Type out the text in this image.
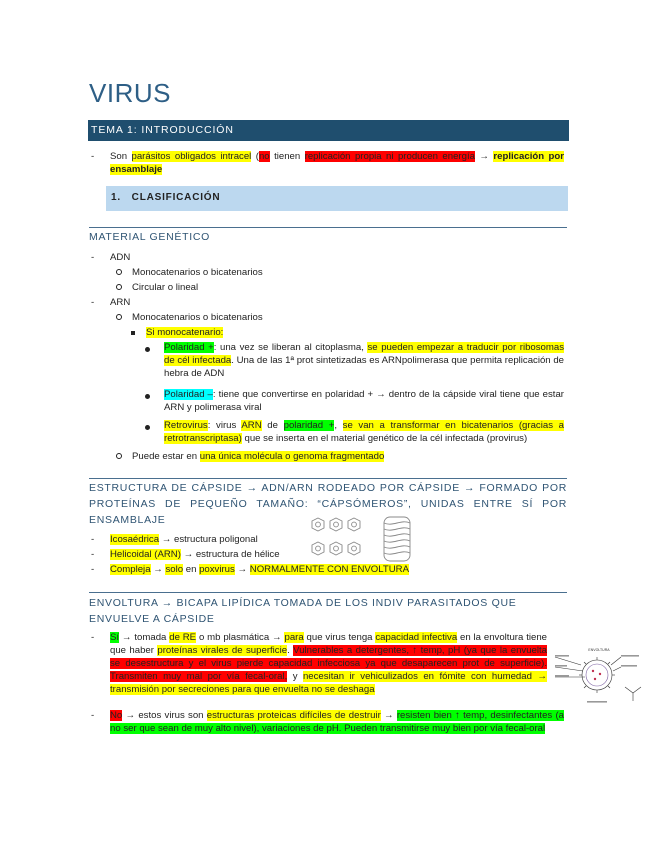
VIRUS
TEMA 1: INTRODUCCIÓN
- Son parásitos obligados intracel (no tienen replicación propia ni producen energía → replicación por ensamblaje
1.   CLASIFICACIÓN
MATERIAL GENÉTICO
- ADN
Monocatenarios o bicatenarios
Circular o lineal
- ARN
Monocatenarios o bicatenarios
Si monocatenario:
Polaridad +: una vez se liberan al citoplasma, se pueden empezar a traducir por ribosomas de cél infectada. Una de las 1ª prot sintetizadas es ARNpolimerasa que permita replicación de hebra de ADN
Polaridad –: tiene que convertirse en polaridad + → dentro de la cápside viral tiene que estar ARN y polimerasa viral
Retrovirus: virus ARN de polaridad +, se van a transformar en bicatenarios (gracias a retrotranscriptasa) que se inserta en el material genético de la cél infectada (provirus)
Puede estar en una única molécula o genoma fragmentado
ESTRUCTURA DE CÁPSIDE → ADN/ARN RODEADO POR CÁPSIDE → FORMADO POR PROTEÍNAS DE PEQUEÑO TAMAÑO: “CÁPSÓMEROS”, UNIDAS ENTRE SÍ POR ENSAMBLAJE
- Icosaédrica → estructura poligonal
- Helicoidal (ARN) → estructura de hélice
- Compleja → solo en poxvirus → NORMALMENTE CON ENVOLTURA
ENVOLTURA → BICAPA LIPÍDICA TOMADA DE LOS INDIV PARASITADOS QUE ENVUELVE A CÁPSIDE
- Sí → tomada de RE o mb plasmática → para que virus tenga capacidad infectiva en la envoltura tiene que haber proteínas virales de superficie. Vulnerables a detergentes, ↑ temp, pH (ya que la envuelta se desestructura y el virus pierde capacidad infecciosa ya que desaparecen prot de superficie). Transmiten muy mal por vía fecal-oral, y necesitan ir vehiculizados en fómite con humedad → transmisión por secreciones para que envuelta no se deshaga
- No → estos virus son estructuras proteicas difíciles de destruir → resisten bien ↑ temp, desinfectantes (a no ser que sean de muy alto nivel), variaciones de pH. Pueden transmitirse muy bien por vía fecal-oral
ENVOLTURA
